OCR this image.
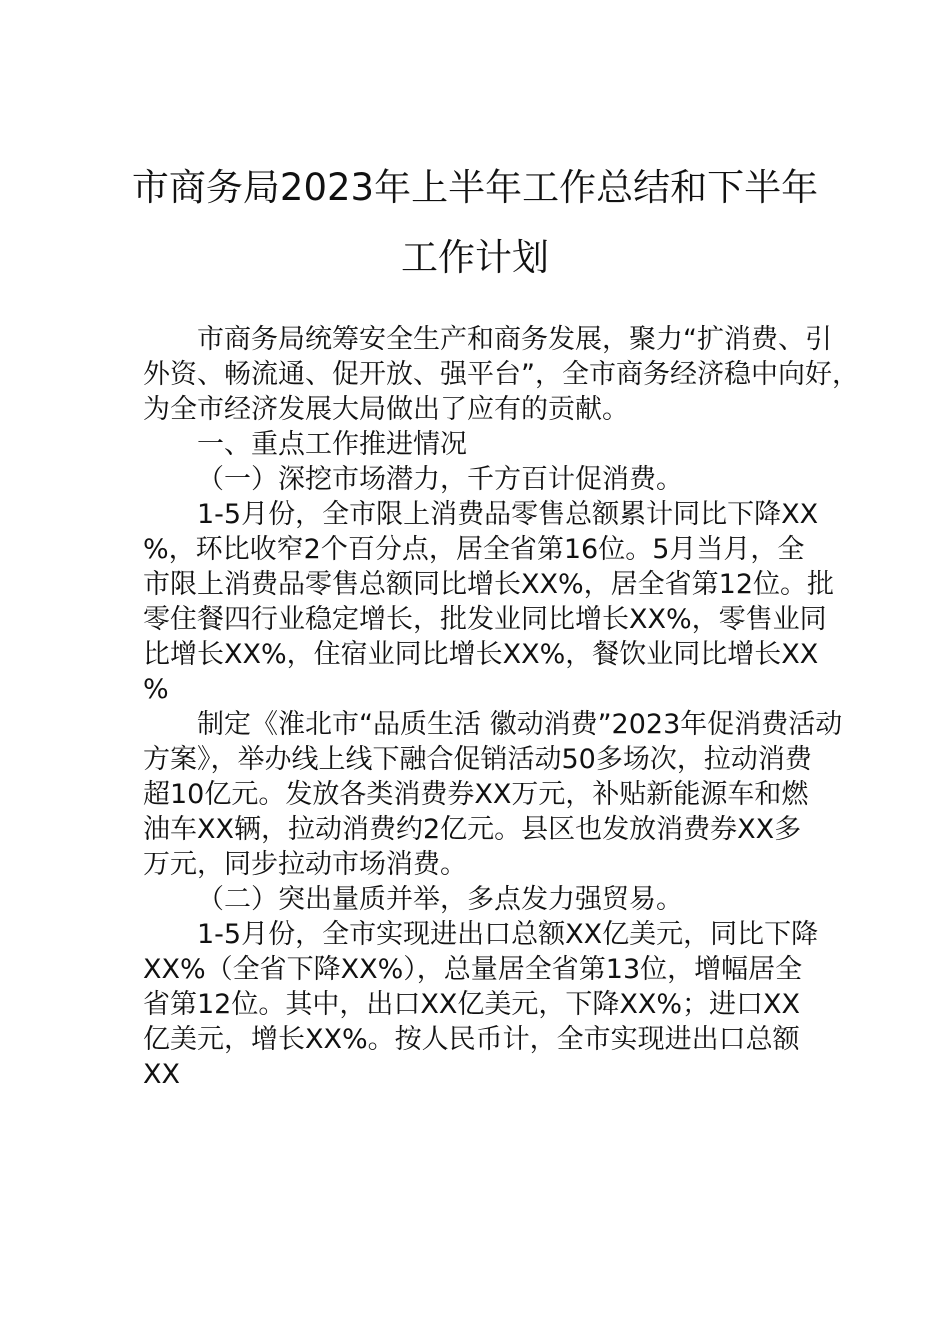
市商务局2023年上半年工作总结和下半年
工作计划
市商务局统筹安全生产和商务发展，聚力“扩消费、引
外资、畅流通、促开放、强平台”，全市商务经济稳中向好，
为全市经济发展大局做出了应有的贡献。
一、重点工作推进情况
（一）深挖市场潜力，千方百计促消费。
1-5月份，全市限上消费品零售总额累计同比下降XX
%，环比收窄2个百分点，居全省第16位。5月当月，全
市限上消费品零售总额同比增长XX%，居全省第12位。批
零住餐四行业稳定增长，批发业同比增长XX%，零售业同
比增长XX%，住宿业同比增长XX%，餐饮业同比增长XX
%
制定《淮北市“品质生活 徽动消费”2023年促消费活动
方案》，举办线上线下融合促销活动50多场次，拉动消费
超10亿元。发放各类消费券XX万元，补贴新能源车和燃
油车XX辆，拉动消费约2亿元。县区也发放消费券XX多
万元，同步拉动市场消费。
（二）突出量质并举，多点发力强贸易。
1-5月份，全市实现进出口总额XX亿美元，同比下降
XX%（全省下降XX%），总量居全省第13位，增幅居全
省第12位。其中，出口XX亿美元，下降XX%；进口XX
亿美元，增长XX%。按人民币计，全市实现进出口总额
XX
